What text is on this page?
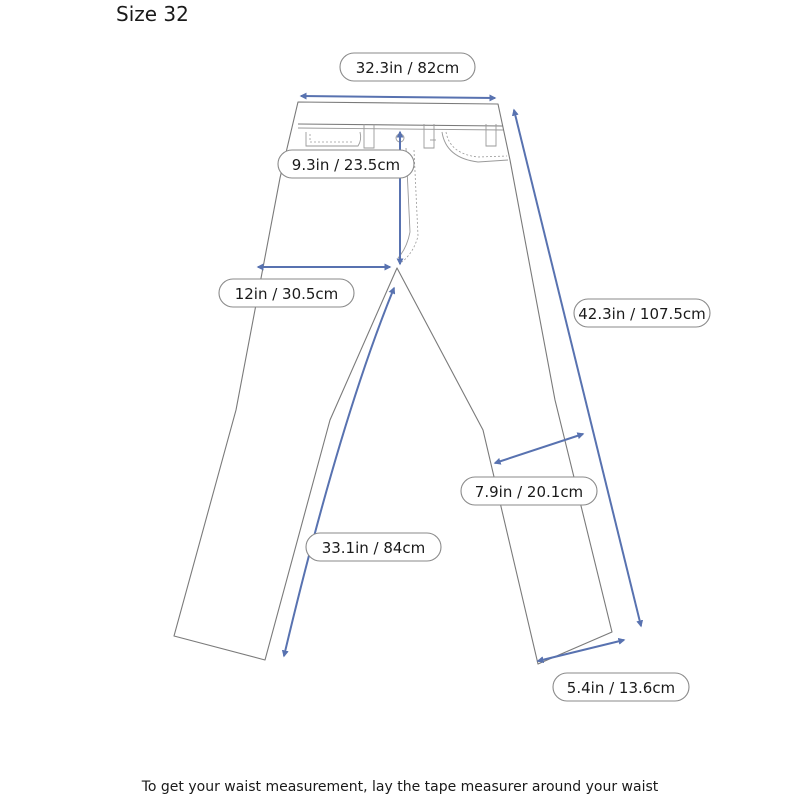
Size 32
32.3in / 82cm
9.3in / 23.5cm
12in / 30.5cm
42.3in / 107.5cm
7.9in / 20.1cm
33.1in / 84cm
5.4in / 13.6cm
To get your waist measurement, lay the tape measurer around your waist
